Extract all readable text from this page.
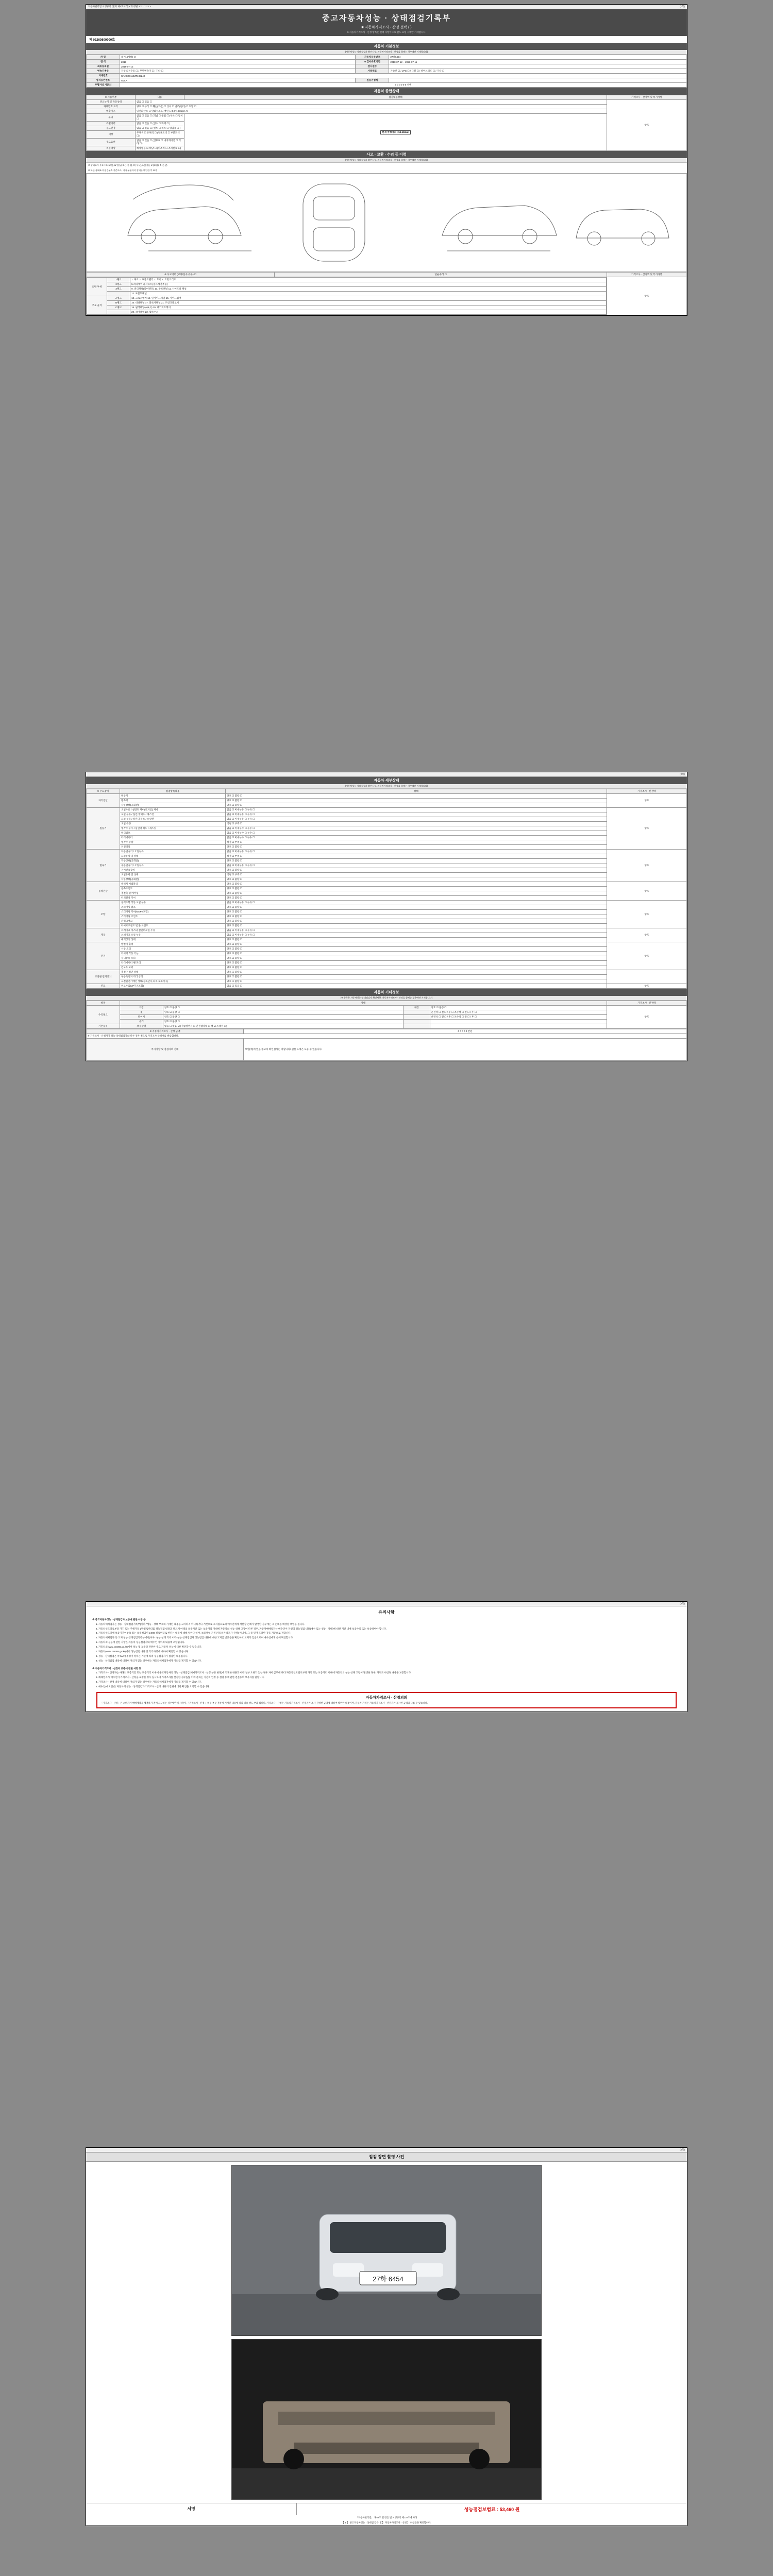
자동차관리법 시행규칙 [별지 제5호서식] <개 정판 2021.7.13.>	(1쪽)
중고자동차성능 · 상태점검기록부
■ 자동차가격조사 · 산정 선택 ( )
※ 자동차가격조사 · 산정 항목은 선택 사항이므로 별도 요청 시에만 기재합니다.
제 02260800900호
자동차 기본정보
(자동차성능·상태점검자 확인사항, 자동차가격조사 · 산정을 함께는 경우에만 기재합니다)
차 명	레이(4세대) ②	자동차등록번호	27하6454
연 식	2018	◈ 검사유효기간	2018-07-12 ~ 2026-07-11
최초등록일	2018-07-12	검사원수	
변속기종류	자동 ☑ / 수동 ☐ / 무단변속기 ☐ / 기타 ☐	사용연료	가솔린 ☑ / LPG ☐ / 디젤 ☐ / 하이브리드 ☐ / 기타 ☐
차대번호	KNACJB11BJT185240		
형식승인번호	G3LA	원동기형식	
주행거리 기준치	0 0 0 0 0 0 선택		
자동차 종합상태
※ 사용여부	내용	점검내용상태	가격조사 · 산정액 및 특기사항
연료누기 및 작동상태	없음 ☑ 있음 ☐		양호
자체번호 표기	양호 ☑ 부식 ☐ 훼손(오손) ☐ 상이 ☐ 변조(변타) ☐ 도말 ☐		
배출가스	일산화탄소 ☐ 탄화수소 ☐ 매연 ☐ 0.7% 10ppm %		
튜닝	없음 ☑ 있음 ☐ (적법 ☐ 불법 ☐) 구조 ☐ 장치 ☐	현재 주행거리 : 53,959km	
특별이력	없음 ☑ 있음 ☐ (침수 ☐ 화재 ☐ )		
용도변경	없음 ☑ 있음 ☐ (렌트 ☐ 리스 ☐ 영업용 ☐ )		
색상	무채색 ☑ 유채색 ☐ (전체도색 ☐ 부분도색 ☐)		
주요옵션	없음 ☑ 있음 ☐ (선루프 ☐ 내비게이션 ☐ 기타 ☐)		
리콜대상	해당없음 ☑ 해당 ☐ (미조치 ☐ 조치완료 ☐)		
사고 · 교환 · 수리 등 이력
(자동차성능·상태점검자 확인사항, 자동차가격조사 · 산정을 함께는 경우에만 기재합니다)
※ 상태표시 부호 : X (교환), W (판금 또는 용접), C (부식), A (흠집), U (요철), T (손상)
※ 하단 상태표시 점검부호 기준으로, 기타 부품까지 상태를 확인한 후 표기
※ 사고이력 (교차/침수 유무) ☐	단순수리 ☐	가격조사 · 산정액 및 특기사항

외판 부위	1랭크	1. 후드 2. 프론트펜더 3. 도어 4. 트렁크리드
2랭크	5.라디에이터 서포트(볼트체결부품)
3랭크	9. 쿼터패널(리어펜더) 10. 루프패널 11. 사이드실 패널
	12. 프론트패널
주요 골격	A랭크	13. 크로스멤버 14. 인사이드패널 15. 사이드멤버
B랭크	16. 대쉬패널 17. 플로어패널 21. 트렁크플로어
C랭크	18. 필러패널(A,B,C) 19. 패키지트레이
	20. 리어패널 22. 휠하우스
	양호
(2쪽)
자동차 세부상태
(자동차성능·상태점검자 확인사항, 자동차가격조사 · 산정을 함께는 경우에만 기재합니다)
※ 주요장치	점검항목내용	상태	가격조사 · 산정액
자기진단	원동기	양호 ☑ 불량 ☐	양호
	변속기	양호 ☑ 불량 ☐	
	작동상태(공회전)	양호 ☑ 불량 ☐	
원동기	오일누유 / 실린더 커버(로커암) 커버	없음 ☑ 미세누유 ☐ 누유 ☐	양호
	오일 누유 / 실린더 헤드 / 개스킷	없음 ☑ 미세누유 ☐ 누유 ☐	
	오일 누유 / 실린더 블록 / 오일팬	없음 ☑ 미세누유 ☐ 누유 ☐	
	오일 유량	적정 ☑ 부족 ☐	
	냉각수 누수 / 실린더 헤드 / 개스킷	없음 ☑ 미세누수 ☐ 누수 ☐	
	워터펌프	없음 ☑ 미세누수 ☐ 누수 ☐	
	라디에이터	없음 ☑ 미세누수 ☐ 누수 ☐	
	냉각수 수량	적정 ☑ 부족 ☐	
	커먼레일	양호 ☑ 불량 ☐	
변속기	자동변속기 / 오일누유	없음 ☑ 미세누유 ☐ 누유 ☐	양호
	오일유량 및 상태	적정 ☑ 부족 ☐	
	작동상태(공회전)	양호 ☑ 불량 ☐	
	수동변속기 / 오일누유	없음 ☑ 미세누유 ☐ 누유 ☐	
	기어변속장치	양호 ☑ 불량 ☐	
	오일유량 및 상태	적정 ☑ 부족 ☐	
	작동상태(공회전)	양호 ☑ 불량 ☐	
동력전달	클러치 어셈블리	양호 ☑ 불량 ☐	양호
	등속조인트	양호 ☑ 불량 ☐	
	추진축 및 베어링	양호 ☑ 불량 ☐	
	디퍼렌셜 기어	양호 ☑ 불량 ☐	
조향	동력조향 작동 오일 누유	없음 ☑ 미세누유 ☐ 누유 ☐	양호
	스티어링 펌프	양호 ☑ 불량 ☐	
	스티어링 기어(MDPS포함)	양호 ☑ 불량 ☐	
	스티어링 조인트	양호 ☑ 불량 ☐	
	파워크랭크	양호 ☑ 불량 ☐	
	타이로드엔드 및 볼 조인트	양호 ☑ 불량 ☐	
제동	브레이크 마스터 실린더오일 누유	없음 ☑ 미세누유 ☐ 누유 ☐	양호
	브레이크 오일 누유	없음 ☑ 미세누유 ☐ 누유 ☐	
	배력장치 상태	양호 ☑ 불량 ☐	
전기	발전기 출력	양호 ☑ 불량 ☐	양호
	시동 모터	양호 ☑ 불량 ☐	
	와이퍼 작동 기능	양호 ☑ 불량 ☐	
	실내송풍 모터	양호 ☑ 불량 ☐	
	라디에이터 팬 모터	양호 ☑ 불량 ☐	
	윈도우 모터	양호 ☑ 불량 ☐	
고전원 전기장치	충전구 절연 상태	양호 ☐ 불량 ☐	
	구동축전지 격리 상태	양호 ☐ 불량 ☐	
	고전원전기배선 상태(접속단자,피복,보호기구)	양호 ☐ 불량 ☐	
연료	연료누출(LP가스포함)	없음 ☑ 있음 ☐	양호
자동차 기타정보
(※ 항목은 자동차성능·상태점검자 확인사항, 자동차가격조사 · 산정을 함께는 경우에만 기재합니다)
항목	상태				가격조사 · 산정액
수리필요	외장	양호 ☑ 불량 ☐	내장	양호 ☑ 불량 ☐	양호
	휠	양호 ☑ 불량 ☐		운전석 ☐ 전 ☐ / 후 ☐ 조수석 ☐ 전 ☐ / 후 ☐	
	타이어	양호 ☑ 불량 ☐		운전석 ☐ 전 ☐ / 후 ☐ 조수석 ☐ 전 ☐ / 후 ☐	
	유리	양호 ☑ 불량 ☐			
기본품목	보유상태	없음 ☐ 있음 ☑ (취급설명서 ☑ 안전삼각대 ☑ 잭 ☑ 스패너 ☑)			
※ 자동차가격조사 · 산정 금액	0 0 0 0 0 만원
※ 가격조사 · 산정자가 성능·상태점검자와 다른 경우 별도로 가격조사·산정서를 발급합니다.	
특기사항 및 점검자의 견해	보험(에)에 있을/중고차 확인검사는 바랍니다! 권한 도게은 모등 수 있습니다!
(3쪽)
유의사항

※ 중고자동차성능 · 상태점검자 보증에 관한 사항 등

1. 자동차해체업자는 성능 · 상태점검기록부(이하 "성능 · 상태 부호의 기재된 내용을 고지하지 아니하거나 거짓으로 고지됨으로써 매수인에게 재산상 손해가 발생한 경우에는 그 손해를 배상할 책임을 집니다.
2. 자동차인도일로부터 가기 또는 주행거리 2만킬로미터를 성능점검 내용과 다르게 아래의 보증기간 또는 보증거리 이내에 자동차의 성능·상태 고장이 다른 경우, 자동차매매업자는 매수인이 자신의 성능점검 내용(매수 또는 성능 · 상태)에 대한 기간 내에 보증수리 또는 보상하여야 합니다.
3. 자동차인도일에 보증기간이 (시) 있는 보증책임이 2,000 킬로미터로 한다는 내용에 대해서 한다 하여, 보증책임 근원(자동차가격조사·산정) 이내에, 그 중 먼저 도래한 것을 기준으로 정합니다.
4. 자동차해체업자 등 고지/성능·상태점검기록부에서(이하 "성능·상태 기록 이력(성능·상태점검자 성능점검 내용에 대한 고지를 받았음을 확인하고 고지가 있음으로써 매수인에게 손해 확인합니다.
5. 자동차의 성능에 관한 사항은 자동차 성능점검자와 매수인 사이의 내용에 포함됩니다.
6. 자동차의(wwu.car365.go.kr)에서 성능 및 보증과 관련한 주요 자동차 성능에 대한 확인할 수 있습니다.
7. 자동차(www.car365.go.kr)에서 성능점검 내용 및 특기사항에 대하여 확인할 수 있습니다.
8. 성능 · 상태점검은 국토교통부령이 정하는 기준에 따라 성능점검자가 점검한 내용입니다.
9. 성능 · 상태점검 내용에 대하여 이의가 있는 경우에는 자동차해체업자에게 이의를 제기할 수 있습니다.

※ 자동차가격조사 · 산정자 보증에 관한 사항 등

1. 가격조사 · 산정자는 아래의 보증기간 또는 보증거리 이내에 중고자동차의 성능 · 상태점검(매매가격조사 · 산정 부분 한정)에 기재한 내용과 아래 일부 오류가 있는 경우 차이 금액에 따라 자동차인도일로부터 가기 또는 보증거리 이내에 자동차의 성능·상태 고장이 발생한 경우, 가격조사/산정 내용을 보증합니다.
2. 해체업자가 매수인이 가격조사 · 산정을 요청한 경우 실시하며 가격조사를 산정한 경우(단), 이에 준하는 기관의 인정 등 점검 등에 관한 전문능력 보유자를 말합니다.
3. 가격조사 · 산정 내용에 대하여 이의가 있는 경우에는 자동차해체업자에게 이의를 제기할 수 있습니다.
4. 매수인(매도인)은 자동차의 성능 · 상태점검과 가격조사 · 산정 내용의 진위에 대한 확인을 요청할 수 있습니다.
자동차가격조사 · 산정의뢰
「가격조사 · 산정」은 소비자가 매매계약을 체결하기 전에 요구하는 경우에만 실시하며, 「가격조사 · 산정」 비용 부분 전문에 기재된 내용에 따라 비용 별도 부과 됩니다. 가격조사 · 산정은 자동차가격조사 · 산정자가 조사·산정한 금액에 대하여 확인한 내용이며, 자동차 가격은 자동차가격조사 · 산정자가 제시한 금액과 다를 수 있습니다.
(4쪽)
점검 장면 촬영 사진
27하 6454
서명	성능점검보험료 : 53,460 원
「자동차관리법」 제58조 및 같은 법 시행규칙 제120조에 따라
【 Y 】 중고자동차성능 · 상태점 검은 【 】 자동차가격조사 · 산정 】 하였음을 확인합니다.
